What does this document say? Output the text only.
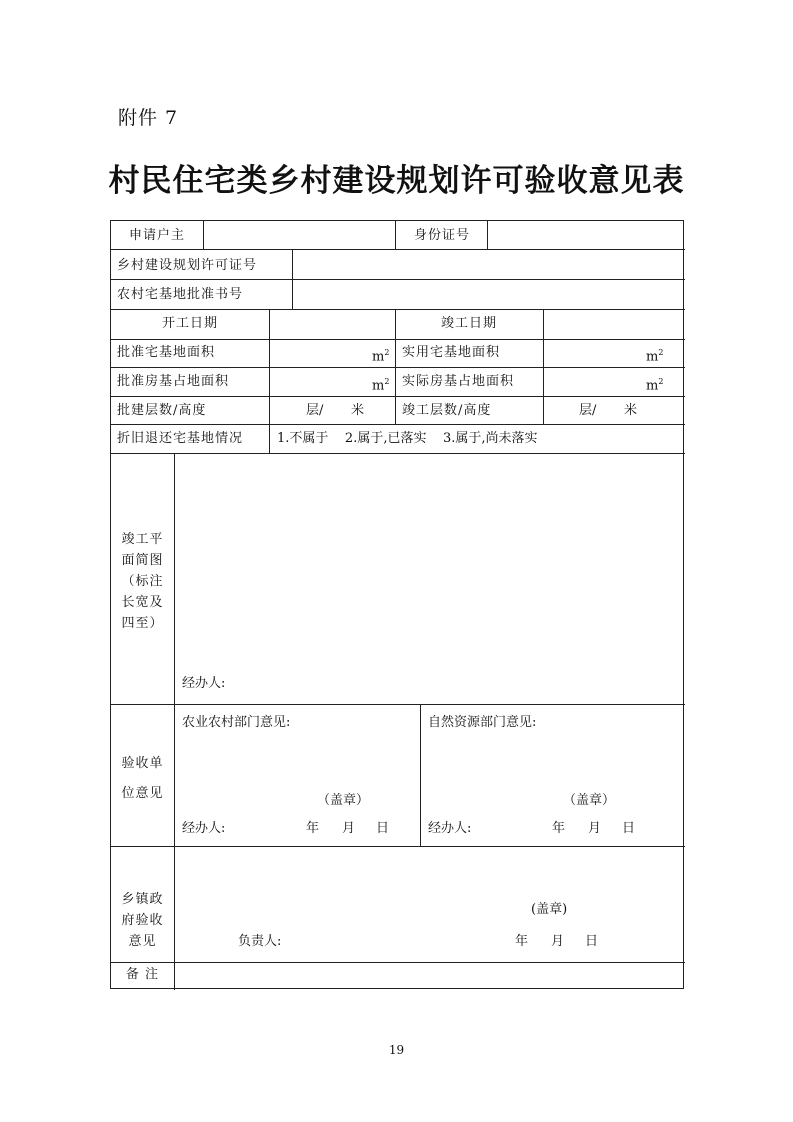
附件 7
村民住宅类乡村建设规划许可验收意见表
申请户主	身份证号
乡村建设规划许可证号
农村宅基地批准书号
开工日期	竣工日期
批准宅基地面积	$m^2$ 实用宅基地面积	$m^2$
批准房基占地面积	$m^2$ 实际房基占地面积	$m^2$
批建层数/高度	层/ 米	竣工层数/高度	层/ 米
折旧退还宅基地情况	1.不属于    2.属于,已落实    3.属于,尚未落实
竣工平
面简图
（标注
长宽及
四至）
经办人:
验收单
位意见
农业农村部门意见:	自然资源部门意见:
（盖章）	（盖章）
经办人:	年 月 日	经办人:	年 月 日
乡镇政
府验收
意见
(盖章)
负责人:	年 月 日
备 注
19
